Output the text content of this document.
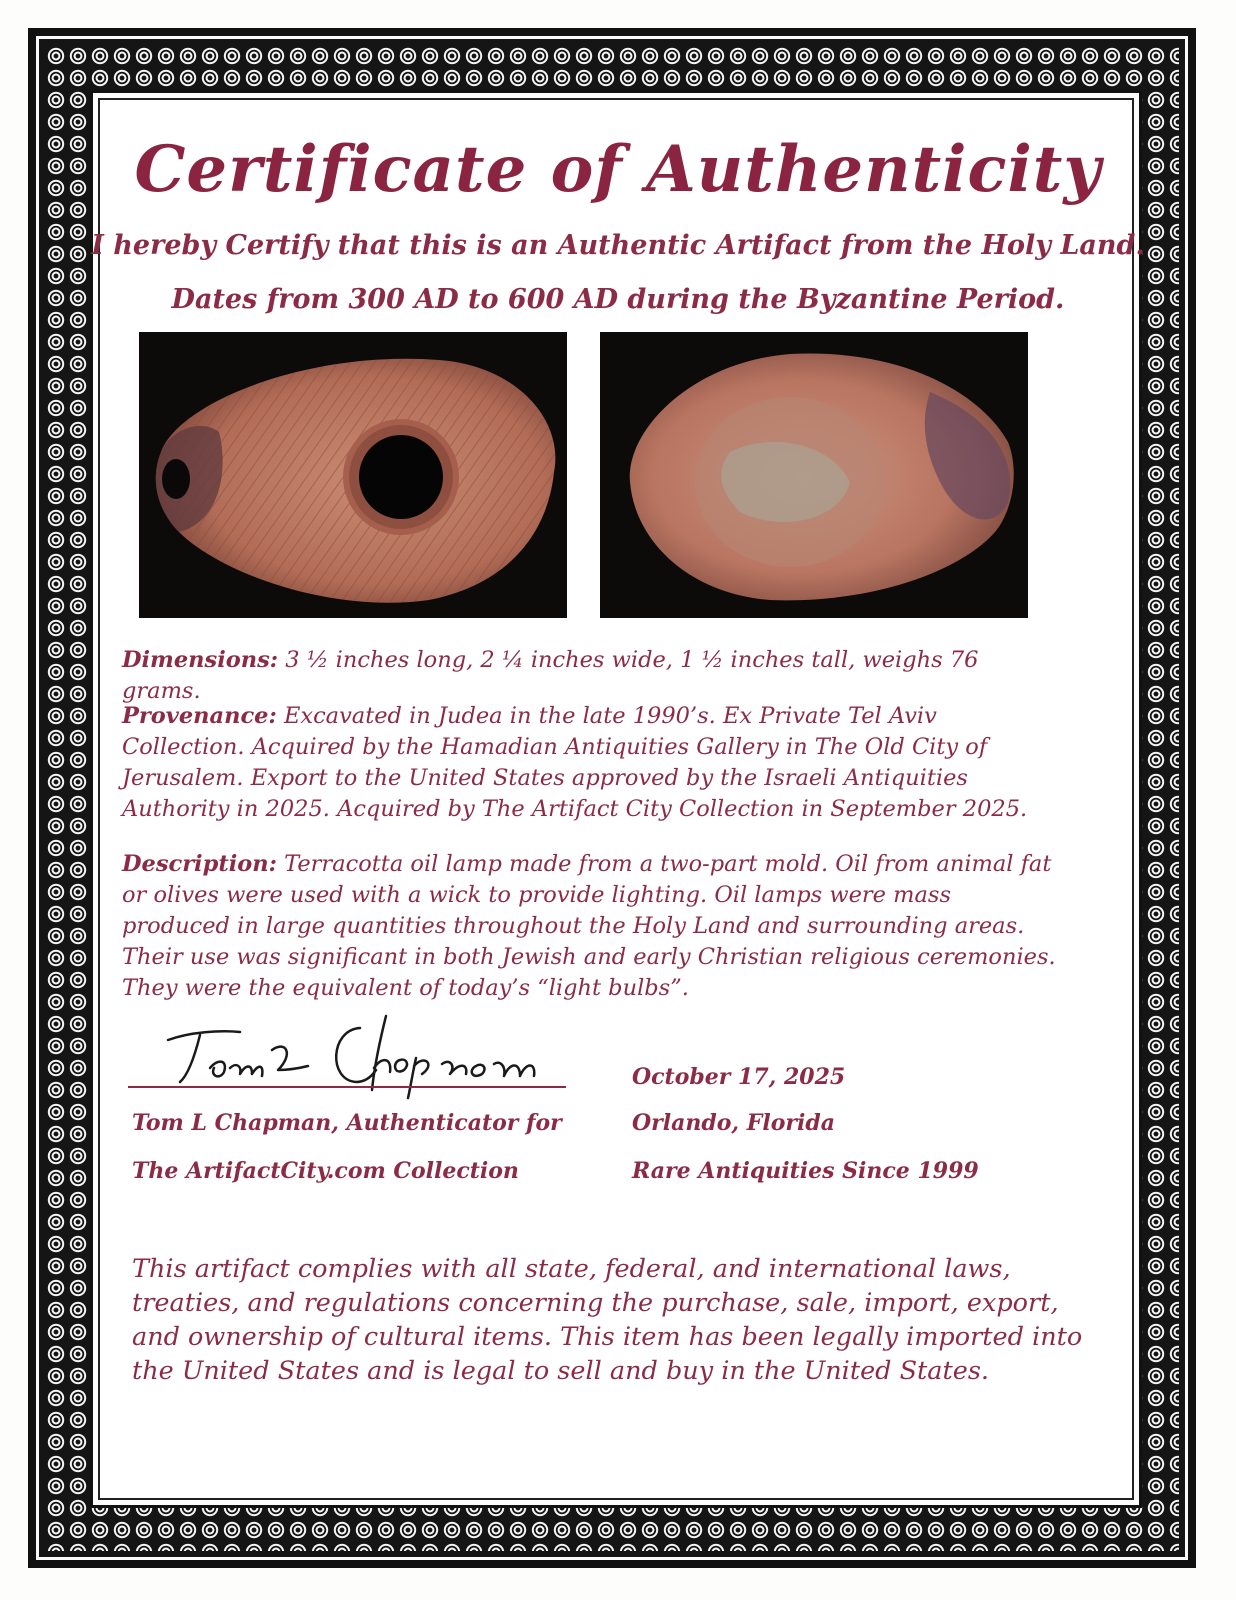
Certificate of Authenticity
I hereby Certify that this is an Authentic Artifact from the Holy Land.
Dates from 300 AD to 600 AD during the Byzantine Period.
Dimensions: 3 ½ inches long, 2 ¼ inches wide, 1 ½ inches tall, weighs 76 grams.
Provenance: Excavated in Judea in the late 1990’s. Ex Private Tel Aviv Collection. Acquired by the Hamadian Antiquities Gallery in The Old City of Jerusalem. Export to the United States approved by the Israeli Antiquities Authority in 2025. Acquired by The Artifact City Collection in September 2025.
Description: Terracotta oil lamp made from a two-part mold. Oil from animal fat or olives were used with a wick to provide lighting. Oil lamps were mass produced in large quantities throughout the Holy Land and surrounding areas. Their use was significant in both Jewish and early Christian religious ceremonies. They were the equivalent of today’s “light bulbs”.
Tom L Chapman, Authenticator for
The ArtifactCity.com Collection
October 17, 2025
Orlando, Florida
Rare Antiquities Since 1999
This artifact complies with all state, federal, and international laws, treaties, and regulations concerning the purchase, sale, import, export, and ownership of cultural items. This item has been legally imported into the United States and is legal to sell and buy in the United States.
